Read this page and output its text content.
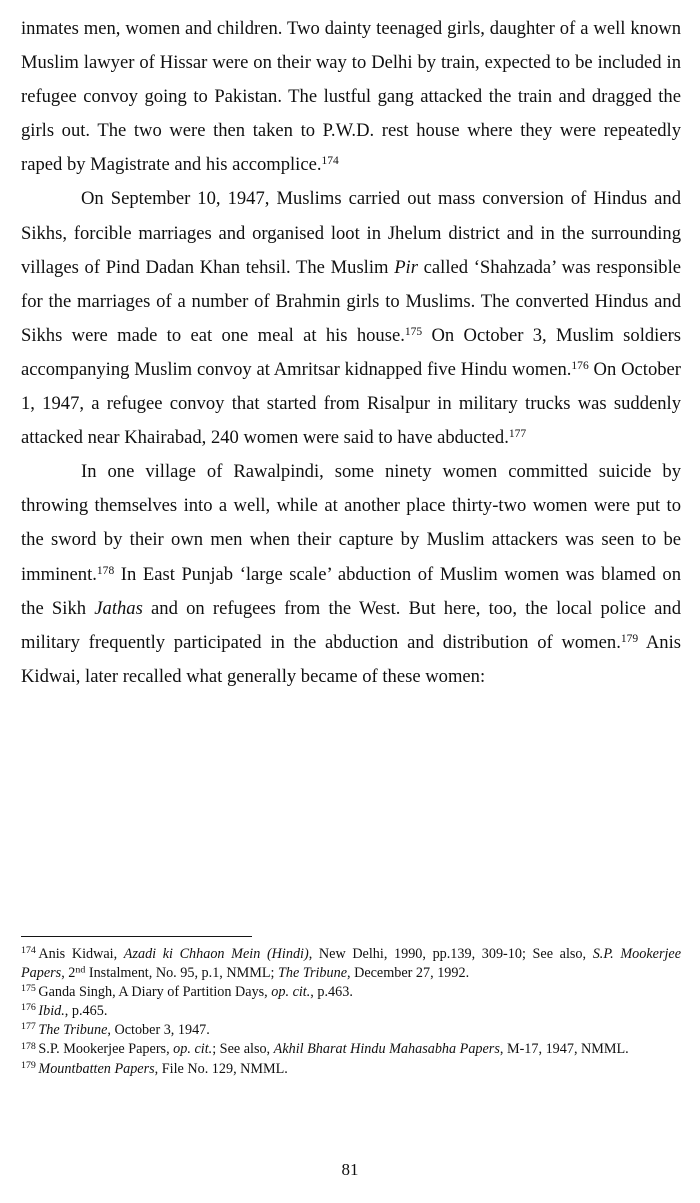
inmates men, women and children. Two dainty teenaged girls, daughter of a well known Muslim lawyer of Hissar were on their way to Delhi by train, expected to be included in refugee convoy going to Pakistan. The lustful gang attacked the train and dragged the girls out. The two were then taken to P.W.D. rest house where they were repeatedly raped by Magistrate and his accomplice.$^{174}$

On September 10, 1947, Muslims carried out mass conversion of Hindus and Sikhs, forcible marriages and organised loot in Jhelum district and in the surrounding villages of Pind Dadan Khan tehsil. The Muslim Pir called ‘Shahzada’ was responsible for the marriages of a number of Brahmin girls to Muslims. The converted Hindus and Sikhs were made to eat one meal at his house.$^{175}$ On October 3, Muslim soldiers accompanying Muslim convoy at Amritsar kidnapped five Hindu women.$^{176}$ On October 1, 1947, a refugee convoy that started from Risalpur in military trucks was suddenly attacked near Khairabad, 240 women were said to have abducted.$^{177}$

In one village of Rawalpindi, some ninety women committed suicide by throwing themselves into a well, while at another place thirty-two women were put to the sword by their own men when their capture by Muslim attackers was seen to be imminent.$^{178}$ In East Punjab ‘large scale’ abduction of Muslim women was blamed on the Sikh Jathas and on refugees from the West. But here, too, the local police and military frequently participated in the abduction and distribution of women.$^{179}$ Anis Kidwai, later recalled what generally became of these women:

$^{174}$ Anis Kidwai, Azadi ki Chhaon Mein (Hindi), New Delhi, 1990, pp.139, 309-10; See also, S.P. Mookerjee Papers, 2nd Instalment, No. 95, p.1, NMML; The Tribune, December 27, 1992.

$^{175}$ Ganda Singh, A Diary of Partition Days, op. cit., p.463.

$^{176}$ Ibid., p.465.

$^{177}$ The Tribune, October 3, 1947.

$^{178}$ S.P. Mookerjee Papers, op. cit.; See also, Akhil Bharat Hindu Mahasabha Papers, M-17, 1947, NMML.

$^{179}$ Mountbatten Papers, File No. 129, NMML.

81
